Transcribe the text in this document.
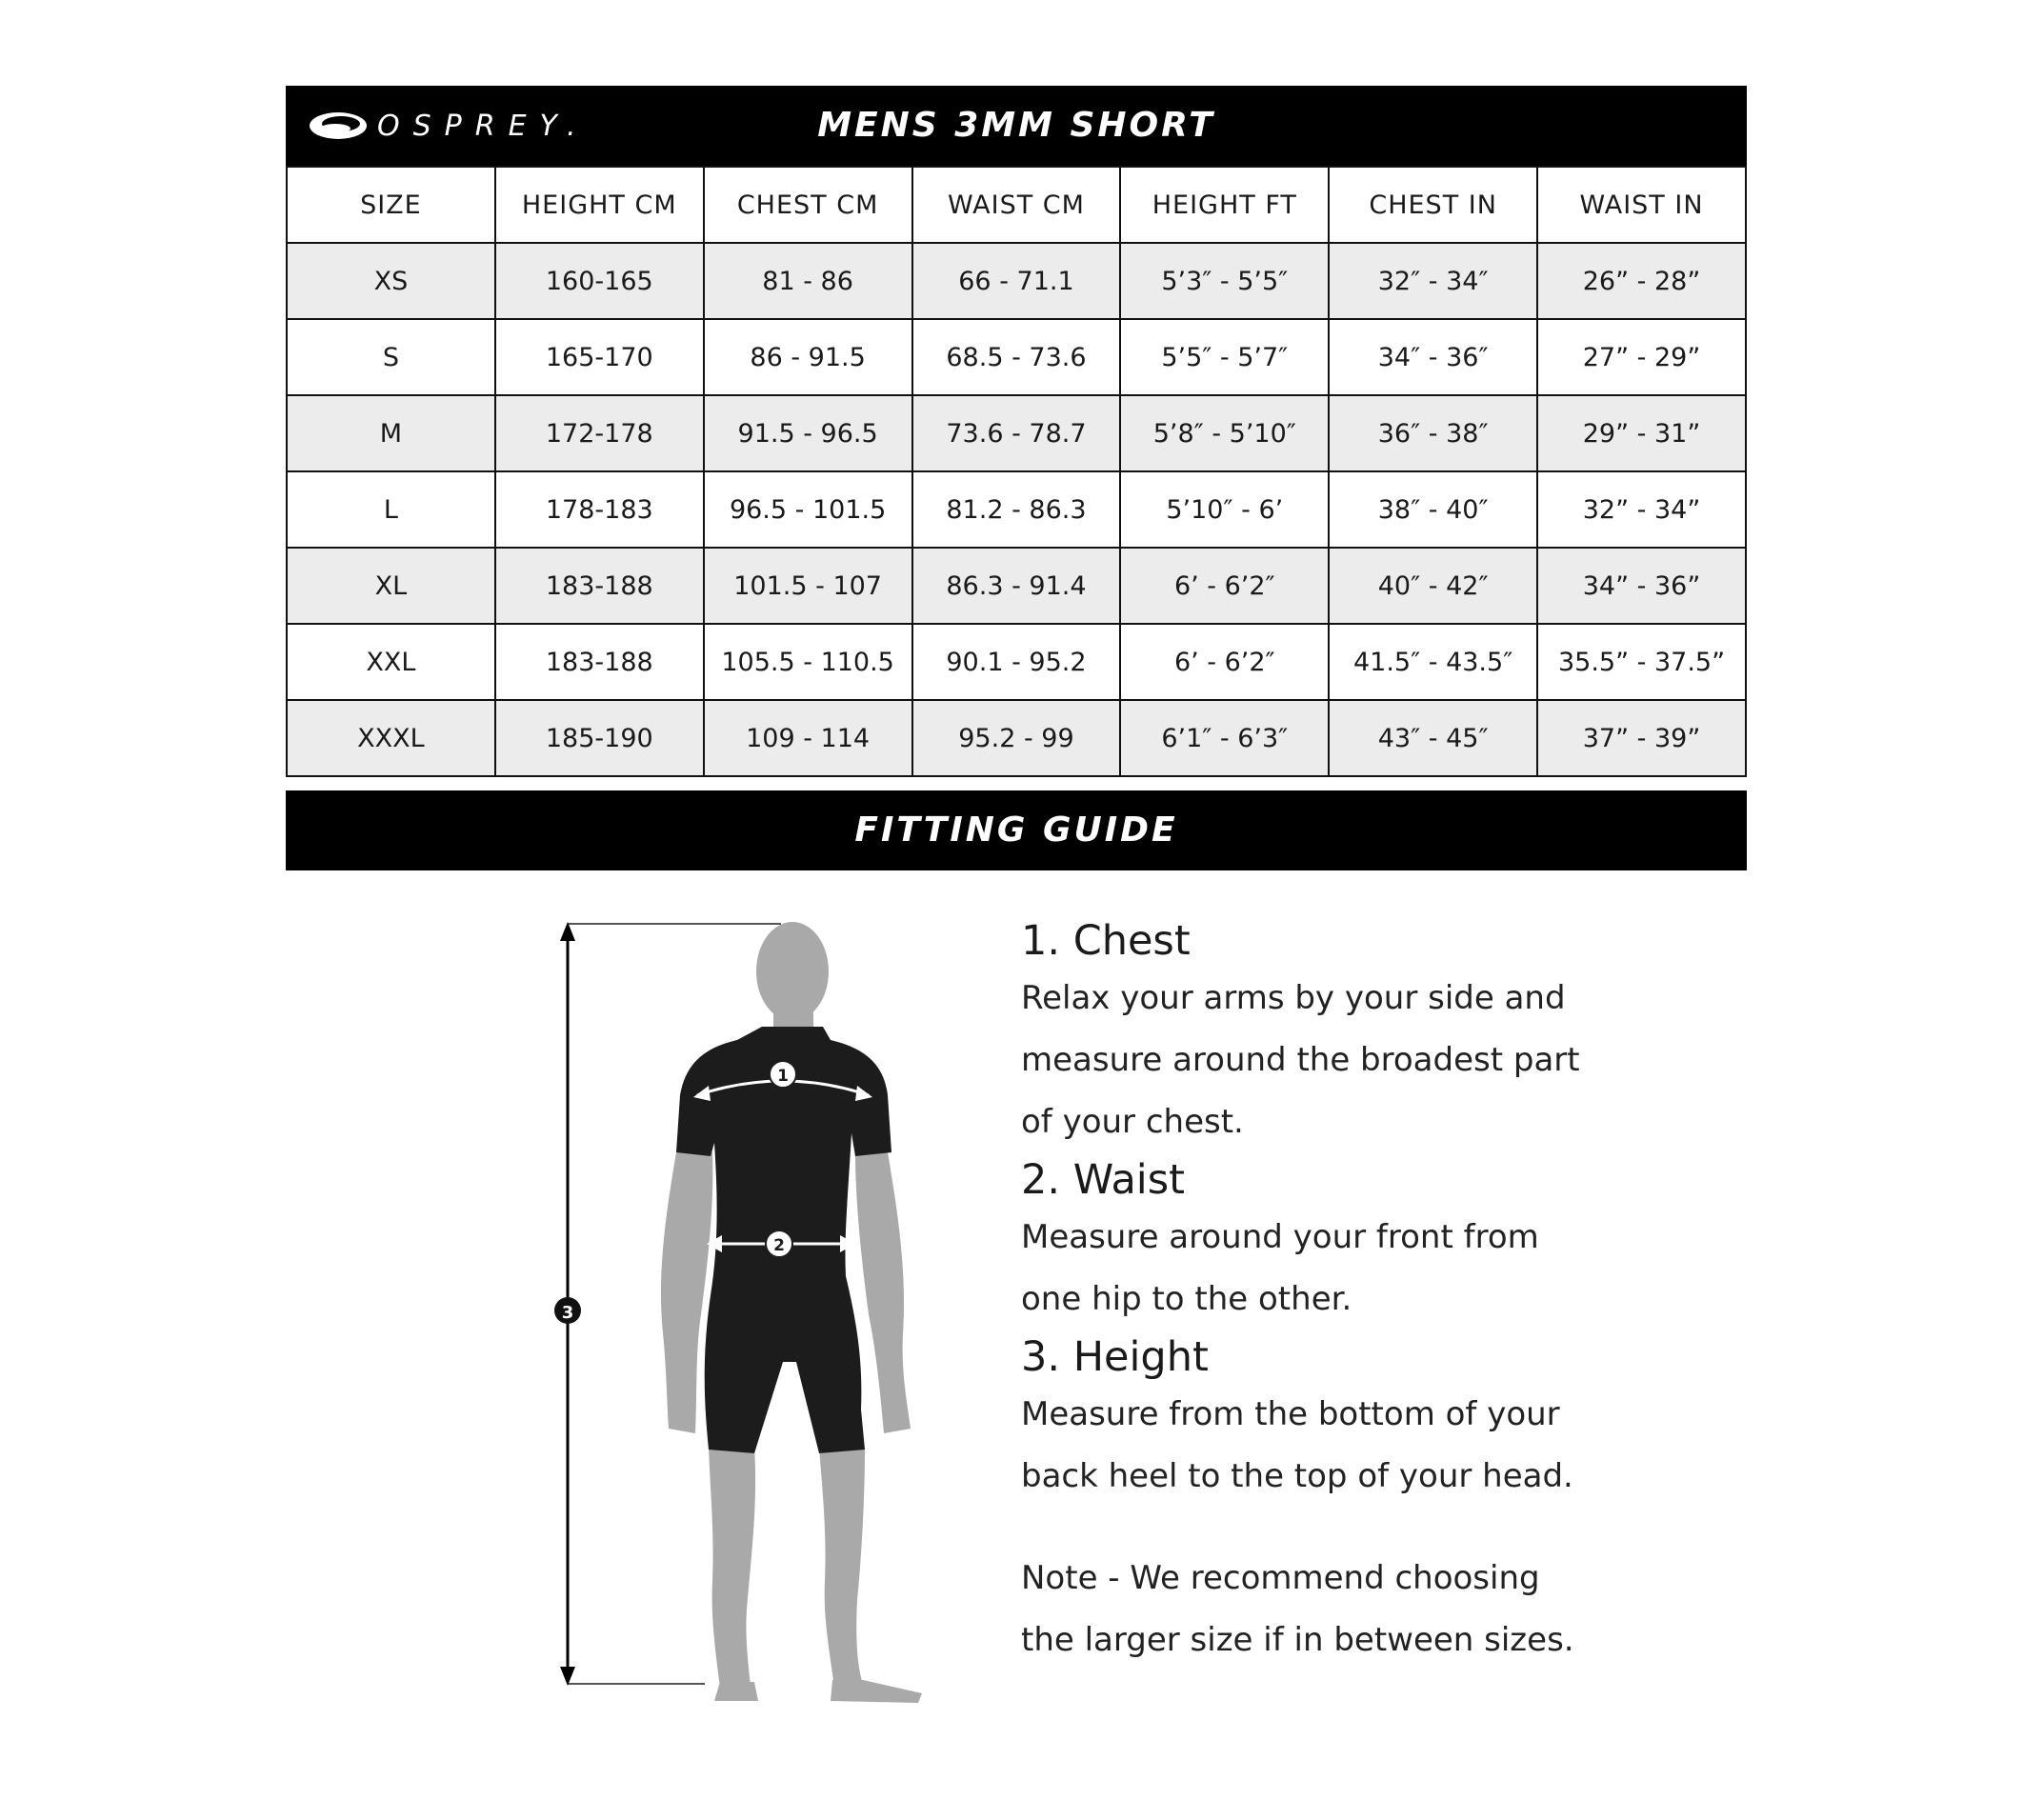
OSPREY.	MENS 3MM SHORT
SIZE	HEIGHT CM	CHEST CM	WAIST CM	HEIGHT FT	CHEST IN	WAIST IN
XS	160-165	81 - 86	66 - 71.1	5’3″ - 5’5″	32″ - 34″	26” - 28”
S	165-170	86 - 91.5	68.5 - 73.6	5’5″ - 5’7″	34″ - 36″	27” - 29”
M	172-178	91.5 - 96.5	73.6 - 78.7	5’8″ - 5’10″	36″ - 38″	29” - 31”
L	178-183	96.5 - 101.5	81.2 - 86.3	5’10″ - 6’	38″ - 40″	32” - 34”
XL	183-188	101.5 - 107	86.3 - 91.4	6’ - 6’2″	40″ - 42″	34” - 36”
XXL	183-188	105.5 - 110.5	90.1 - 95.2	6’ - 6’2″	41.5″ - 43.5″	35.5” - 37.5”
XXXL	185-190	109 - 114	95.2 - 99	6’1″ - 6’3″	43″ - 45″	37” - 39”
FITTING GUIDE
3
1
2

1. Chest

Relax your arms by your side and

measure around the broadest part

of your chest.

2. Waist

Measure around your front from

one hip to the other.

3. Height

Measure from the bottom of your

back heel to the top of your head.

Note - We recommend choosing

the larger size if in between sizes.
